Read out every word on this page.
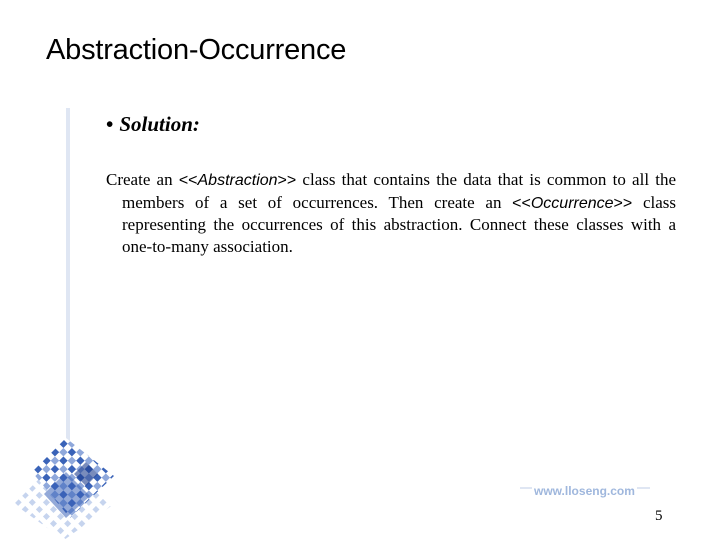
Abstraction-Occurrence
• Solution:
Create an <<Abstraction>> class that contains the data that is common to all the members of a set of occurrences. Then create an <<Occurrence>> class representing the occurrences of this abstraction. Connect these classes with a one-to-many association.
www.lloseng.com
5
